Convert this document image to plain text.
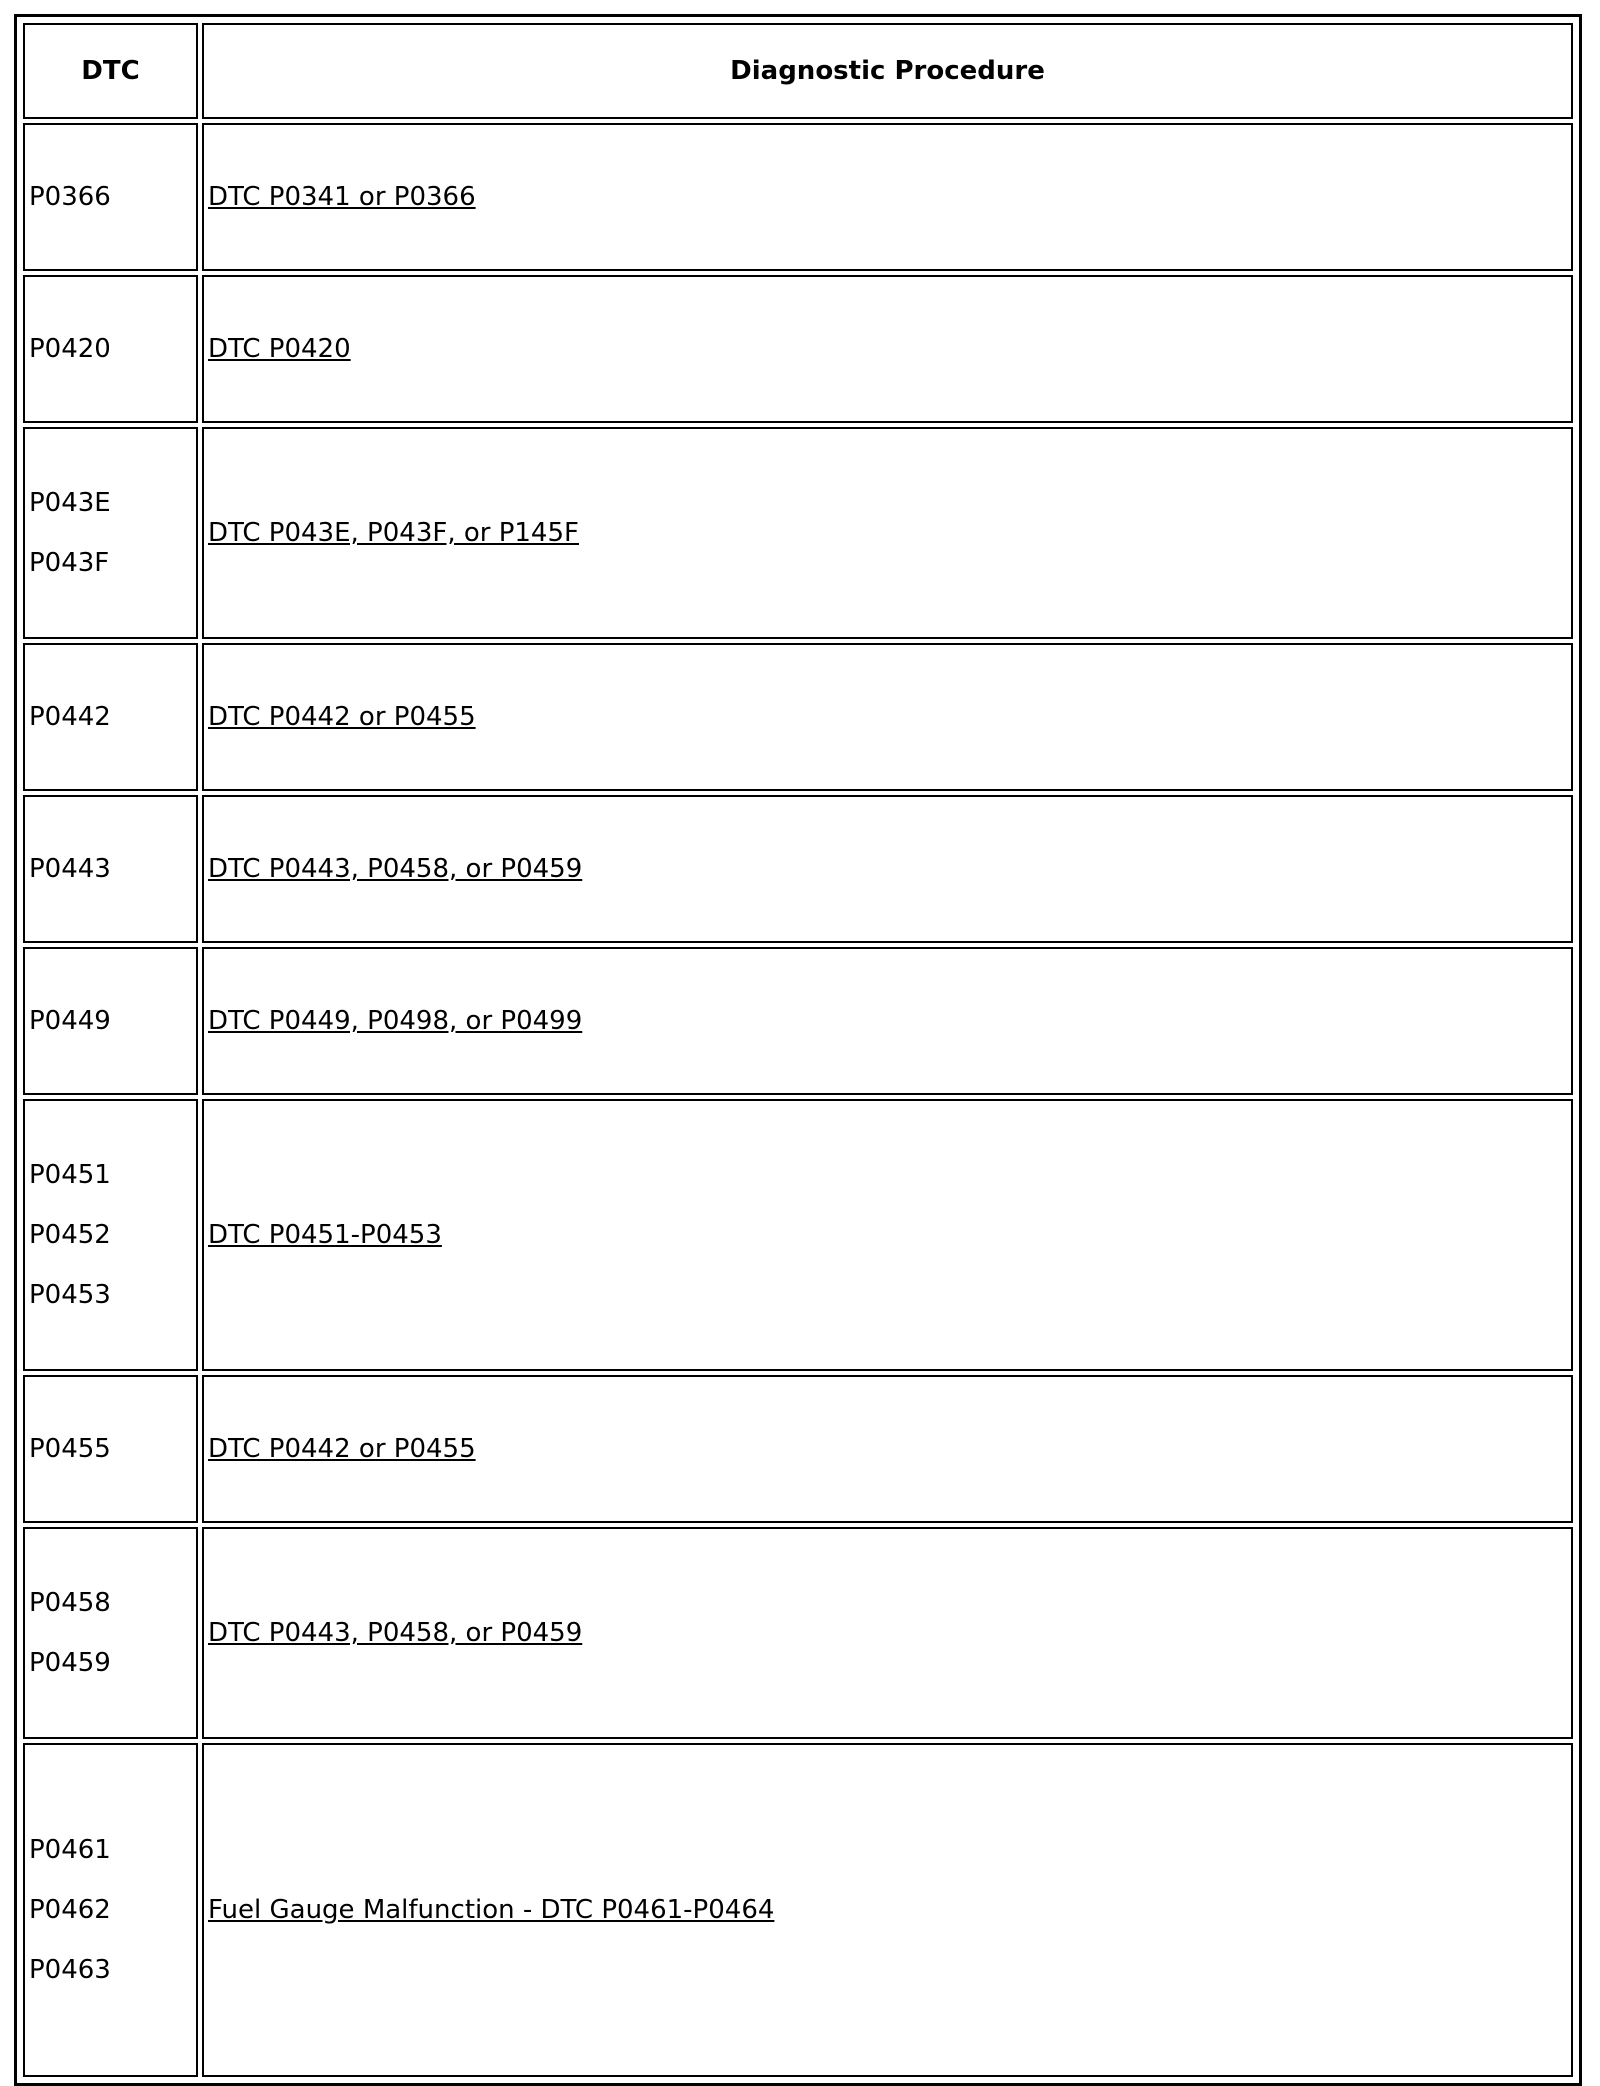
DTC	Diagnostic Procedure

P0366	DTC P0341 or P0366

P0420	DTC P0420

P043E
P043F	DTC P043E, P043F, or P145F

P0442	DTC P0442 or P0455

P0443	DTC P0443, P0458, or P0459

P0449	DTC P0449, P0498, or P0499

P0451
P0452
P0453	DTC P0451-P0453

P0455	DTC P0442 or P0455

P0458
P0459	DTC P0443, P0458, or P0459

P0461
P0462
P0463	Fuel Gauge Malfunction - DTC P0461-P0464
